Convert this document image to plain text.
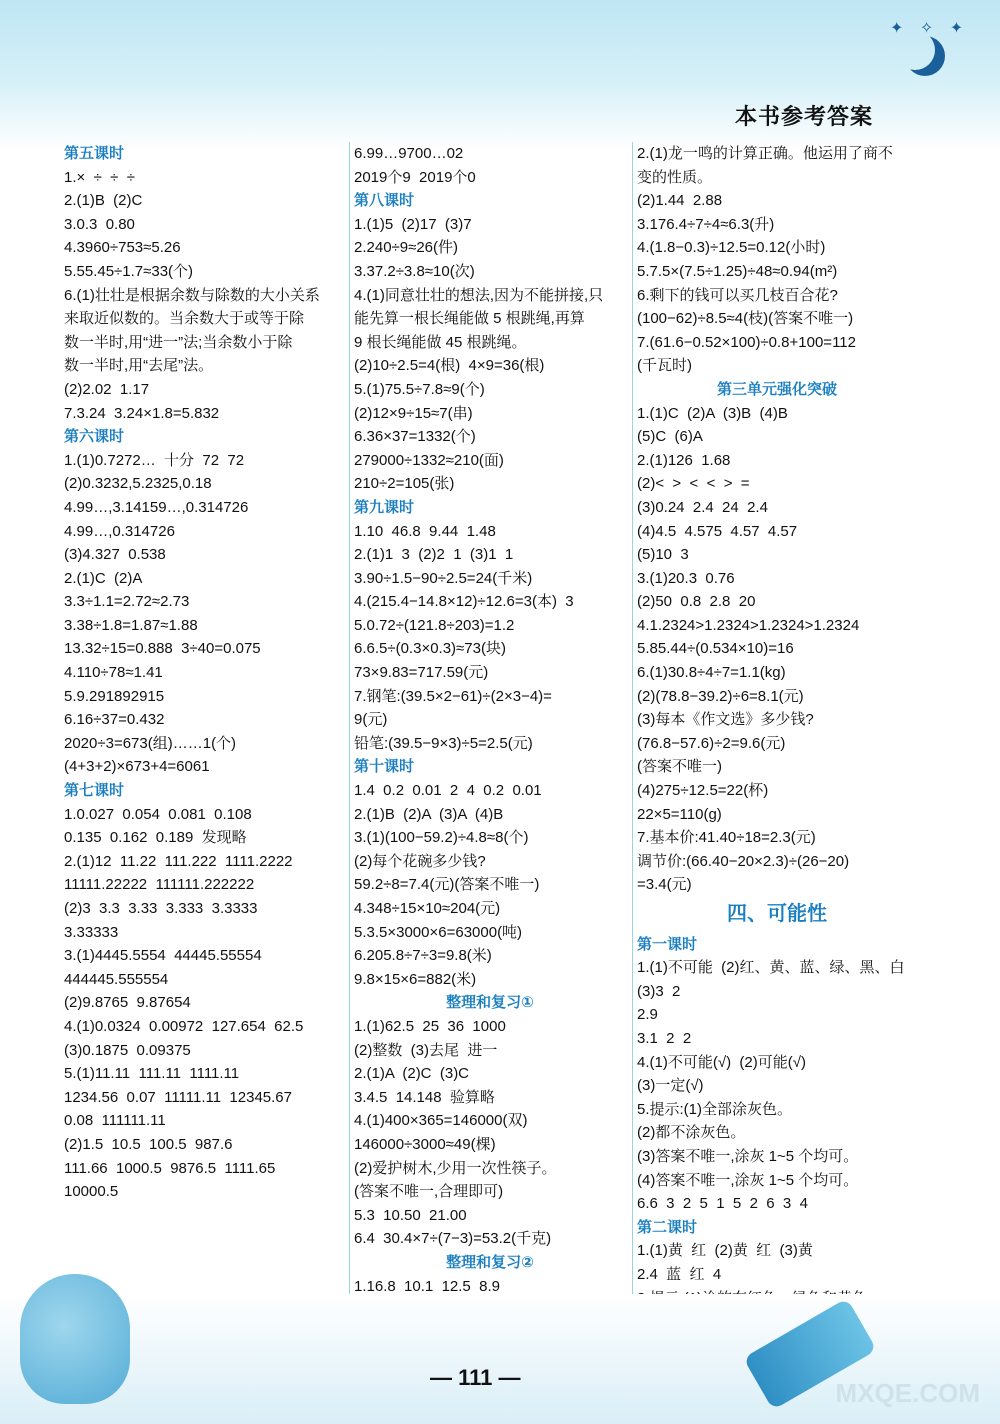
✦ ✧ ✦
本书参考答案
第五课时
1.×  ÷  ÷  ÷
2.(1)B  (2)C
3.0.3  0.80
4.3960÷753≈5.26
5.55.45÷1.7≈33(个)
6.(1)壮壮是根据余数与除数的大小关系
来取近似数的。当余数大于或等于除
数一半时,用“进一”法;当余数小于除
数一半时,用“去尾”法。
(2)2.02  1.17
7.3.24  3.24×1.8=5.832
第六课时
1.(1)0.7272…  十分  72  72
(2)0.3232,5.2325,0.18
4.99…,3.14159…,0.314726
4.99…,0.314726
(3)4.327  0.538
2.(1)C  (2)A
3.3÷1.1=2.72≈2.73
3.38÷1.8=1.87≈1.88
13.32÷15=0.888  3÷40=0.075
4.110÷78≈1.41
5.9.291892915
6.16÷37=0.432
2020÷3=673(组)……1(个)
(4+3+2)×673+4=6061
第七课时
1.0.027  0.054  0.081  0.108
0.135  0.162  0.189  发现略
2.(1)12  11.22  111.222  1111.2222
11111.22222  111111.222222
(2)3  3.3  3.33  3.333  3.3333
3.33333
3.(1)4445.5554  44445.55554
444445.555554
(2)9.8765  9.87654
4.(1)0.0324  0.00972  127.654  62.5
(3)0.1875  0.09375
5.(1)11.11  111.11  1111.11
1234.56  0.07  11111.11  12345.67
0.08  111111.11
(2)1.5  10.5  100.5  987.6
111.66  1000.5  9876.5  1111.65
10000.5
6.99…9700…02
2019个9  2019个0
第八课时
1.(1)5  (2)17  (3)7
2.240÷9≈26(件)
3.37.2÷3.8≈10(次)
4.(1)同意壮壮的想法,因为不能拼接,只
能先算一根长绳能做 5 根跳绳,再算
9 根长绳能做 45 根跳绳。
(2)10÷2.5=4(根)  4×9=36(根)
5.(1)75.5÷7.8≈9(个)
(2)12×9÷15≈7(串)
6.36×37=1332(个)
279000÷1332≈210(面)
210÷2=105(张)
第九课时
1.10  46.8  9.44  1.48
2.(1)1  3  (2)2  1  (3)1  1
3.90÷1.5−90÷2.5=24(千米)
4.(215.4−14.8×12)÷12.6=3(本)  3
5.0.72÷(121.8÷203)=1.2
6.6.5÷(0.3×0.3)≈73(块)
73×9.83=717.59(元)
7.钢笔:(39.5×2−61)÷(2×3−4)=
9(元)
铅笔:(39.5−9×3)÷5=2.5(元)
第十课时
1.4  0.2  0.01  2  4  0.2  0.01
2.(1)B  (2)A  (3)A  (4)B
3.(1)(100−59.2)÷4.8≈8(个)
(2)每个花碗多少钱?
59.2÷8=7.4(元)(答案不唯一)
4.348÷15×10≈204(元)
5.3.5×3000×6=63000(吨)
6.205.8÷7÷3=9.8(米)
9.8×15×6=882(米)
整理和复习①
1.(1)62.5  25  36  1000
(2)整数  (3)去尾  进一
2.(1)A  (2)C  (3)C
3.4.5  14.148  验算略
4.(1)400×365=146000(双)
146000÷3000≈49(棵)
(2)爱护树木,少用一次性筷子。
(答案不唯一,合理即可)
5.3  10.50  21.00
6.4  30.4×7÷(7−3)=53.2(千克)
整理和复习②
1.16.8  10.1  12.5  8.9
2.(1)龙一鸣的计算正确。他运用了商不
变的性质。
(2)1.44  2.88
3.176.4÷7÷4≈6.3(升)
4.(1.8−0.3)÷12.5=0.12(小时)
5.7.5×(7.5÷1.25)÷48≈0.94(m²)
6.剩下的钱可以买几枝百合花?
(100−62)÷8.5≈4(枝)(答案不唯一)
7.(61.6−0.52×100)÷0.8+100=112
(千瓦时)
第三单元强化突破
1.(1)C  (2)A  (3)B  (4)B
(5)C  (6)A
2.(1)126  1.68
(2)<  >  <  <  >  =
(3)0.24  2.4  24  2.4
(4)4.5  4.575  4.57  4.57
(5)10  3
3.(1)20.3  0.76
(2)50  0.8  2.8  20
4.1.2324>1.2324>1.2324>1.2324
5.85.44÷(0.534×10)=16
6.(1)30.8÷4÷7=1.1(kg)
(2)(78.8−39.2)÷6=8.1(元)
(3)每本《作文选》多少钱?
(76.8−57.6)÷2=9.6(元)
(答案不唯一)
(4)275÷12.5=22(杯)
22×5=110(g)
7.基本价:41.40÷18=2.3(元)
调节价:(66.40−20×2.3)÷(26−20)
=3.4(元)
四、可能性
第一课时
1.(1)不可能  (2)红、黄、蓝、绿、黑、白
(3)3  2
2.9
3.1  2  2
4.(1)不可能(√)  (2)可能(√)
(3)一定(√)
5.提示:(1)全部涂灰色。
(2)都不涂灰色。
(3)答案不唯一,涂灰 1~5 个均可。
(4)答案不唯一,涂灰 1~5 个均可。
6.6  3  2  5  1  5  2  6  3  4
第二课时
1.(1)黄  红  (2)黄  红  (3)黄
2.4  蓝  红  4
— 111 —
MXQE.COM
